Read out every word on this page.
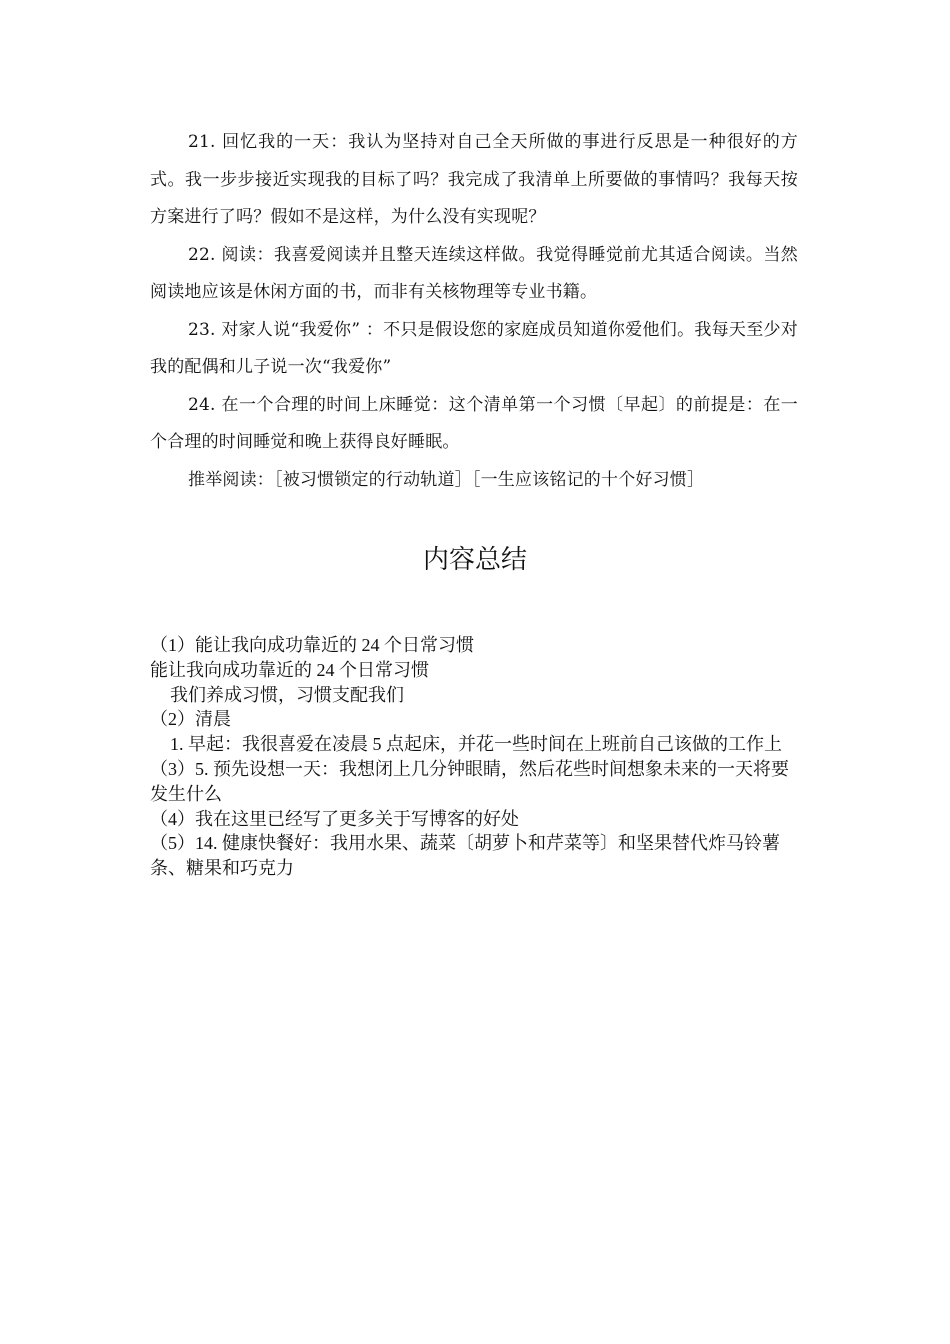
21. 回忆我的一天：我认为坚持对自己全天所做的事进行反思是一种很好的方式。我一步步接近实现我的目标了吗？我完成了我清单上所要做的事情吗？我每天按方案进行了吗？假如不是这样，为什么没有实现呢？

22. 阅读：我喜爱阅读并且整天连续这样做。我觉得睡觉前尤其适合阅读。当然阅读地应该是休闲方面的书，而非有关核物理等专业书籍。

23. 对家人说“我爱你” ：不只是假设您的家庭成员知道你爱他们。我每天至少对我的配偶和儿子说一次“我爱你”

24. 在一个合理的时间上床睡觉：这个清单第一个习惯〔早起〕的前提是：在一个合理的时间睡觉和晚上获得良好睡眠。

推举阅读：［被习惯锁定的行动轨道］［一生应该铭记的十个好习惯］

内容总结

（1）能让我向成功靠近的 24 个日常习惯

能让我向成功靠近的 24 个日常习惯

我们养成习惯，习惯支配我们

（2）清晨

1. 早起：我很喜爱在凌晨 5 点起床，并花一些时间在上班前自己该做的工作上

（3）5. 预先设想一天：我想闭上几分钟眼睛，然后花些时间想象未来的一天将要发生什么

（4）我在这里已经写了更多关于写博客的好处

（5）14. 健康快餐好：我用水果、蔬菜〔胡萝卜和芹菜等〕和坚果替代炸马铃薯条、糖果和巧克力
